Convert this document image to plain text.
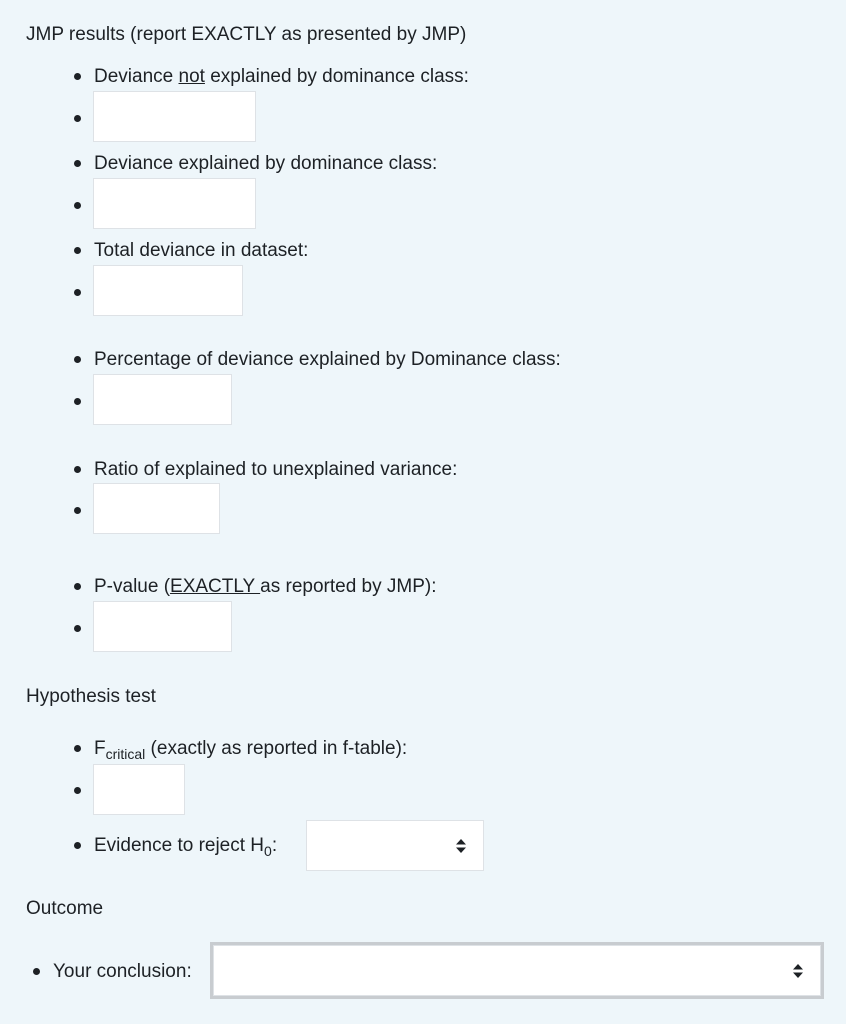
JMP results (report EXACTLY as presented by JMP)
Deviance not explained by dominance class:
Deviance explained by dominance class:
Total deviance in dataset:
Percentage of deviance explained by Dominance class:
Ratio of explained to unexplained variance:
P-value (EXACTLY as reported by JMP):
Hypothesis test
$F_{critical}$ (exactly as reported in f-table):
Evidence to reject $H_0$:
Outcome
Your conclusion:
